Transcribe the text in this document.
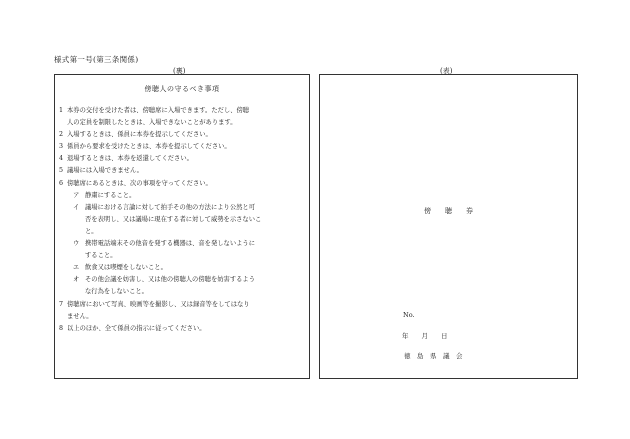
様式第一号(第三条関係)
(裏)	(表)
傍聴人の守るべき事項
1 本券の交付を受けた者は、傍聴席に入場できます。ただし、傍聴
人の定員を制限したときは、入場できないことがあります。
2 入場するときは、係員に本券を提示してください。
3 係員から要求を受けたときは、本券を提示してください。
4 退場するときは、本券を返還してください。
5 議場には入場できません。
6 傍聴席にあるときは、次の事項を守ってください。
ア 静粛にすること。
イ 議場における言論に対して拍手その他の方法により公然と可
否を表明し、又は議場に現在する者に対して威勢を示さないこ
と。
ウ 携帯電話端末その他音を発する機器は、音を発しないように
すること。
エ 飲食又は喫煙をしないこと。
オ その他会議を妨害し、又は他の傍聴人の傍聴を妨害するよう
な行為をしないこと。
7 傍聴席において写真、映画等を撮影し、又は録音等をしてはなり
ません。
8 以上のほか、全て係員の指示に従ってください。
傍　　聴　　券
No.
年　　月　　日
徳　島　県　議　会
